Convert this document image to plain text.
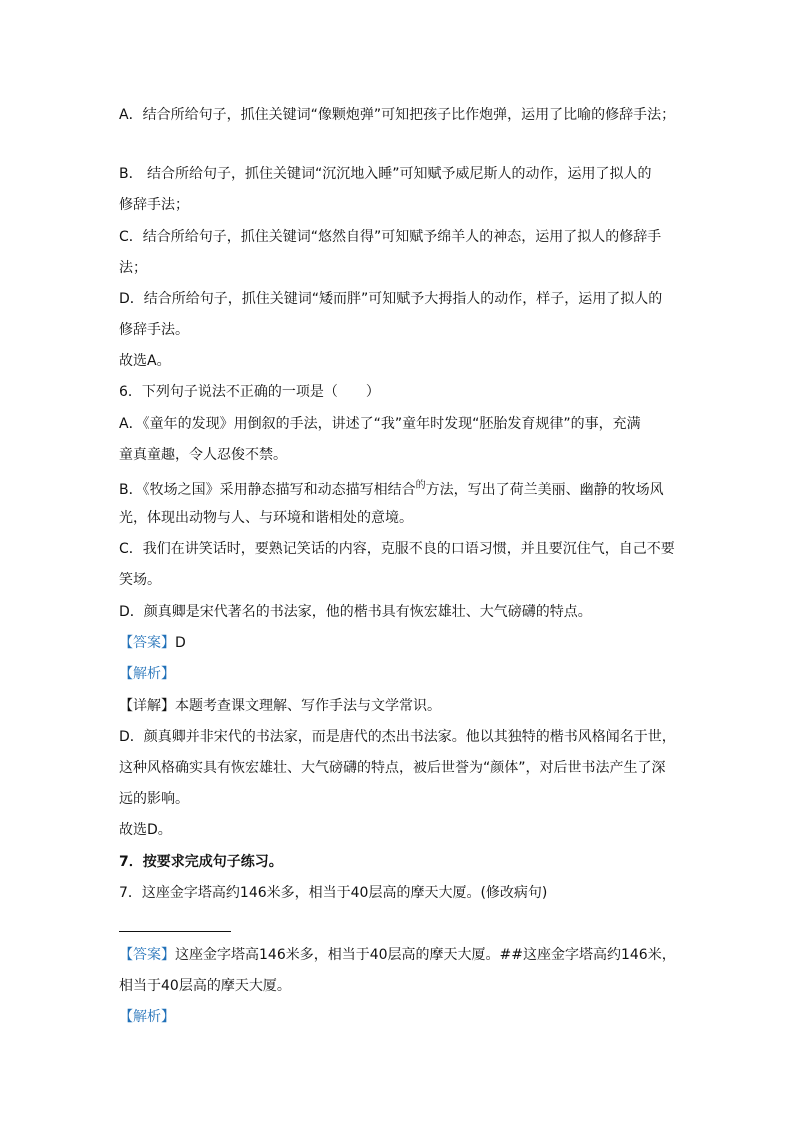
A．结合所给句子，抓住关键词“像颗炮弹”可知把孩子比作炮弹，运用了比喻的修辞手法；
B． 结合所给句子，抓住关键词“沉沉地入睡”可知赋予威尼斯人的动作，运用了拟人的
修辞手法；
C．结合所给句子，抓住关键词“悠然自得”可知赋予绵羊人的神态，运用了拟人的修辞手
法；
D．结合所给句子，抓住关键词“矮而胖”可知赋予大拇指人的动作，样子，运用了拟人的
修辞手法。
故选A。
6．下列句子说法不正确的一项是（　　）
A．《童年的发现》用倒叙的手法，讲述了“我”童年时发现“胚胎发育规律”的事，充满
童真童趣，令人忍俊不禁。
B．《牧场之国》采用静态描写和动态描写相结合$^的$方法，写出了荷兰美丽、幽静的牧场风
光，体现出动物与人、与环境和谐相处的意境。
C．我们在讲笑话时，要熟记笑话的内容，克服不良的口语习惯，并且要沉住气，自己不要
笑场。
D．颜真卿是宋代著名的书法家，他的楷书具有恢宏雄壮、大气磅礴的特点。
【答案】D
【解析】
【详解】本题考查课文理解、写作手法与文学常识。
D．颜真卿并非宋代的书法家，而是唐代的杰出书法家。他以其独特的楷书风格闻名于世，
这种风格确实具有恢宏雄壮、大气磅礴的特点，被后世誉为“颜体”，对后世书法产生了深
远的影响。
故选D。
7．按要求完成句子练习。
7．这座金字塔高约146米多，相当于40层高的摩天大厦。(修改病句)
【答案】这座金字塔高146米多，相当于40层高的摩天大厦。##这座金字塔高约146米，
相当于40层高的摩天大厦。
【解析】
